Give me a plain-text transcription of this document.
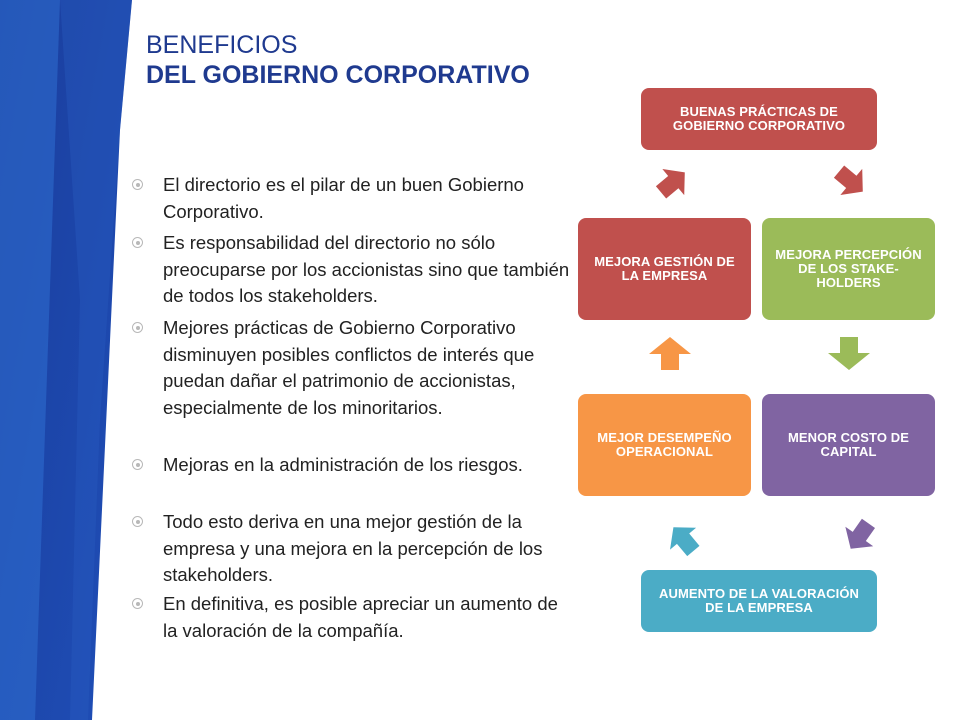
BENEFICIOS
DEL GOBIERNO CORPORATIVO
El directorio es el pilar de un buen Gobierno Corporativo.
Es responsabilidad del directorio no sólo preocuparse por los accionistas sino que también de todos los stakeholders.
Mejores prácticas de Gobierno Corporativo disminuyen posibles conflictos de interés que puedan dañar el patrimonio de accionistas, especialmente de los minoritarios.
Mejoras en la administración de los riesgos.
Todo esto deriva en una mejor gestión de la empresa y una mejora en la percepción de los stakeholders.
En definitiva, es posible apreciar un aumento de la valoración de la compañía.
BUENAS PRÁCTICAS DE GOBIERNO CORPORATIVO
MEJORA PERCEPCIÓN DE LOS STAKE-HOLDERS
MENOR COSTO DE CAPITAL
AUMENTO DE LA VALORACIÓN DE LA EMPRESA
MEJOR DESEMPEÑO OPERACIONAL
MEJORA GESTIÓN DE LA EMPRESA
